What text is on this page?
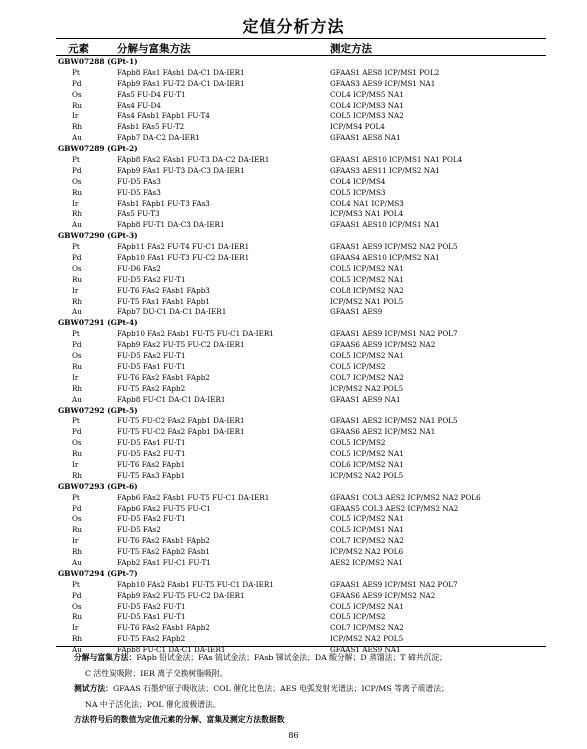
定值分析方法
元素	分解与富集方法	测定方法
GBW07288 (GPt-1)
Pt	FApb8 FAs1 FAsb1 DA-C1 DA-IER1	GFAAS1 AES8 ICP/MS1 POL2
Pd	FApb9 FAs1 FU-T2 DA-C1 DA-IER1	GFAAS3 AES9 ICP/MS1 NA1
Os	FAs5 FU-D4 FU-T1	COL4 ICP/MS5 NA1
Ru	FAs4 FU-D4	COL4 ICP/MS3 NA1
Ir	FAs4 FAsb1 FApb1 FU-T4	COL5 ICP/MS3 NA2
Rh	FAsb1 FAs5 FU-T2	ICP/MS4 POL4
Au	FApb7 DA-C2 DA-IER1	GFAAS1 AES8 NA1
GBW07289 (GPt-2)
Pt	FApb8 FAs2 FAsb1 FU-T3 DA-C2 DA-IER1	GFAAS1 AES10 ICP/MS1 NA1 POL4
Pd	FApb9 FAs1 FU-T3 DA-C3 DA-IER1	GFAAS3 AES11 ICP/MS2 NA1
Os	FU-D5 FAs3	COL4 ICP/MS4
Ru	FU-D5 FAs3	COL5 ICP/MS3
Ir	FAsb1 FApb1 FU-T3 FAs3	COL4 NA1 ICP/MS3
Rh	FAs5 FU-T3	ICP/MS3 NA1 POL4
Au	FApb8 FU-T1 DA-C3 DA-IER1	GFAAS1 AES10 ICP/MS1 NA1
GBW07290 (GPt-3)
Pt	FApb11 FAs2 FU-T4 FU-C1 DA-IER1	GFAAS1 AES9 ICP/MS2 NA2 POL5
Pd	FApb10 FAs1 FU-T3 FU-C2 DA-IER1	GFAAS4 AES10 ICP/MS2 NA1
Os	FU-D6 FAs2	COL5 ICP/MS2 NA1
Ru	FU-D5 FAs2 FU-T1	COL5 ICP/MS2 NA1
Ir	FU-T6 FAs2 FAsb1 FApb3	COL8 ICP/MS2 NA2
Rh	FU-T5 FAs1 FAsb1 FApb1	ICP/MS2 NA1 POL5
Au	FApb7 DU-C1 DA-C1 DA-IER1	GFAAS1 AES9
GBW07291 (GPt-4)
Pt	FApb10 FAs2 FAsb1 FU-T5 FU-C1 DA-IER1	GFAAS1 AES9 ICP/MS1 NA2 POL7
Pd	FApb9 FAs2 FU-T5 FU-C2 DA-IER1	GFAAS6 AES9 ICP/MS2 NA2
Os	FU-D5 FAs2 FU-T1	COL5 ICP/MS2 NA1
Ru	FU-D5 FAs1 FU-T1	COL5 ICP/MS2
Ir	FU-T6 FAs2 FAsb1 FApb2	COL7 ICP/MS2 NA2
Rh	FU-T5 FAs2 FApb2	ICP/MS2 NA2 POL5
Au	FApb8 FU-C1 DA-C1 DA-IER1	GFAAS1 AES9 NA1
GBW07292 (GPt-5)
Pt	FU-T5 FU-C2 FAs2 FApb1 DA-IER1	GFAAS1 AES2 ICP/MS2 NA1 POL5
Pd	FU-T5 FU-C2 FAs2 FApb1 DA-IER1	GFAAS6 AES2 ICP/MS2 NA1
Os	FU-D5 FAs1 FU-T1	COL5 ICP/MS2
Ru	FU-D5 FAs2 FU-T1	COL5 ICP/MS2 NA1
Ir	FU-T6 FAs2 FApb1	COL6 ICP/MS2 NA1
Rh	FU-T5 FAs3 FApb1	ICP/MS2 NA2 POL5
GBW07293 (GPt-6)
Pt	FApb6 FAs2 FAsb1 FU-T5 FU-C1 DA-IER1	GFAAS1 COL3 AES2 ICP/MS2 NA2 POL6
Pd	FApb6 FAs2 FU-T5 FU-C1	GFAAS5 COL3 AES2 ICP/MS2 NA2
Os	FU-D5 FAs2 FU-T1	COL5 ICP/MS2 NA1
Ru	FU-D5 FAs2	COL5 ICP/MS1 NA1
Ir	FU-T6 FAs2 FAsb1 FApb2	COL7 ICP/MS2 NA2
Rh	FU-T5 FAs2 FApb2 FAsb1	ICP/MS2 NA2 POL6
Au	FApb2 FAs1 FU-C1 FU-T1	AES2 ICP/MS2 NA1
GBW07294 (GPt-7)
Pt	FApb10 FAs2 FAsb1 FU-T5 FU-C1 DA-IER1	GFAAS1 AES9 ICP/MS1 NA2 POL7
Pd	FApb9 FAs2 FU-T5 FU-C2 DA-IER1	GFAAS6 AES9 ICP/MS2 NA2
Os	FU-D5 FAs2 FU-T1	COL5 ICP/MS2 NA1
Ru	FU-D5 FAs1 FU-T1	COL5 ICP/MS2
Ir	FU-T6 FAs2 FAsb1 FApb2	COL7 ICP/MS2 NA2
Rh	FU-T5 FAs2 FApb2	ICP/MS2 NA2 POL5
Au	FApb8 FU-C1 DA-C1 DA-IER1	GFAAS1 AES9 NA1
分解与富集方法：FApb 铅试金法；FAs 锍试金法；FAsb 锑试金法；DA 酸分解；D 蒸馏法；T 碲共沉淀；
C 活性炭吸附；IER 离子交换树脂吸附。
测试方法：GFAAS 石墨炉原子吸收法；COL 催化比色法；AES 电弧发射光谱法；ICP/MS 等离子质谱法；
NA 中子活化法；POL 催化波极谱法。
方法符号后的数值为定值元素的分解、富集及测定方法数据数
86
